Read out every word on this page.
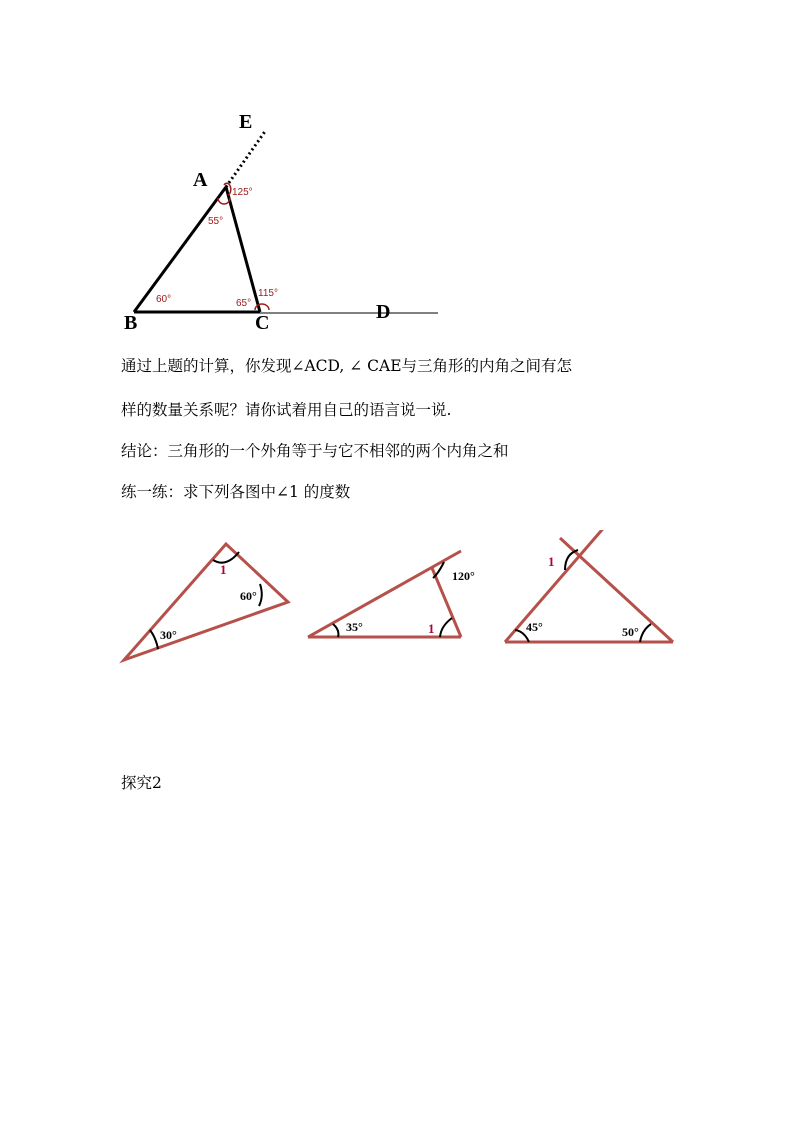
E
A
B	C	D
125°
55°
60°	65°
115°
通过上题的计算，你发现∠ACD, ∠ CAE与三角形的内角之间有怎
样的数量关系呢？请你试着用自己的语言说一说.
结论：三角形的一个外角等于与它不相邻的两个内角之和
练一练：求下列各图中∠1 的度数
1
60°
30°
120°
35°	1
1
45°	50°
探究2
